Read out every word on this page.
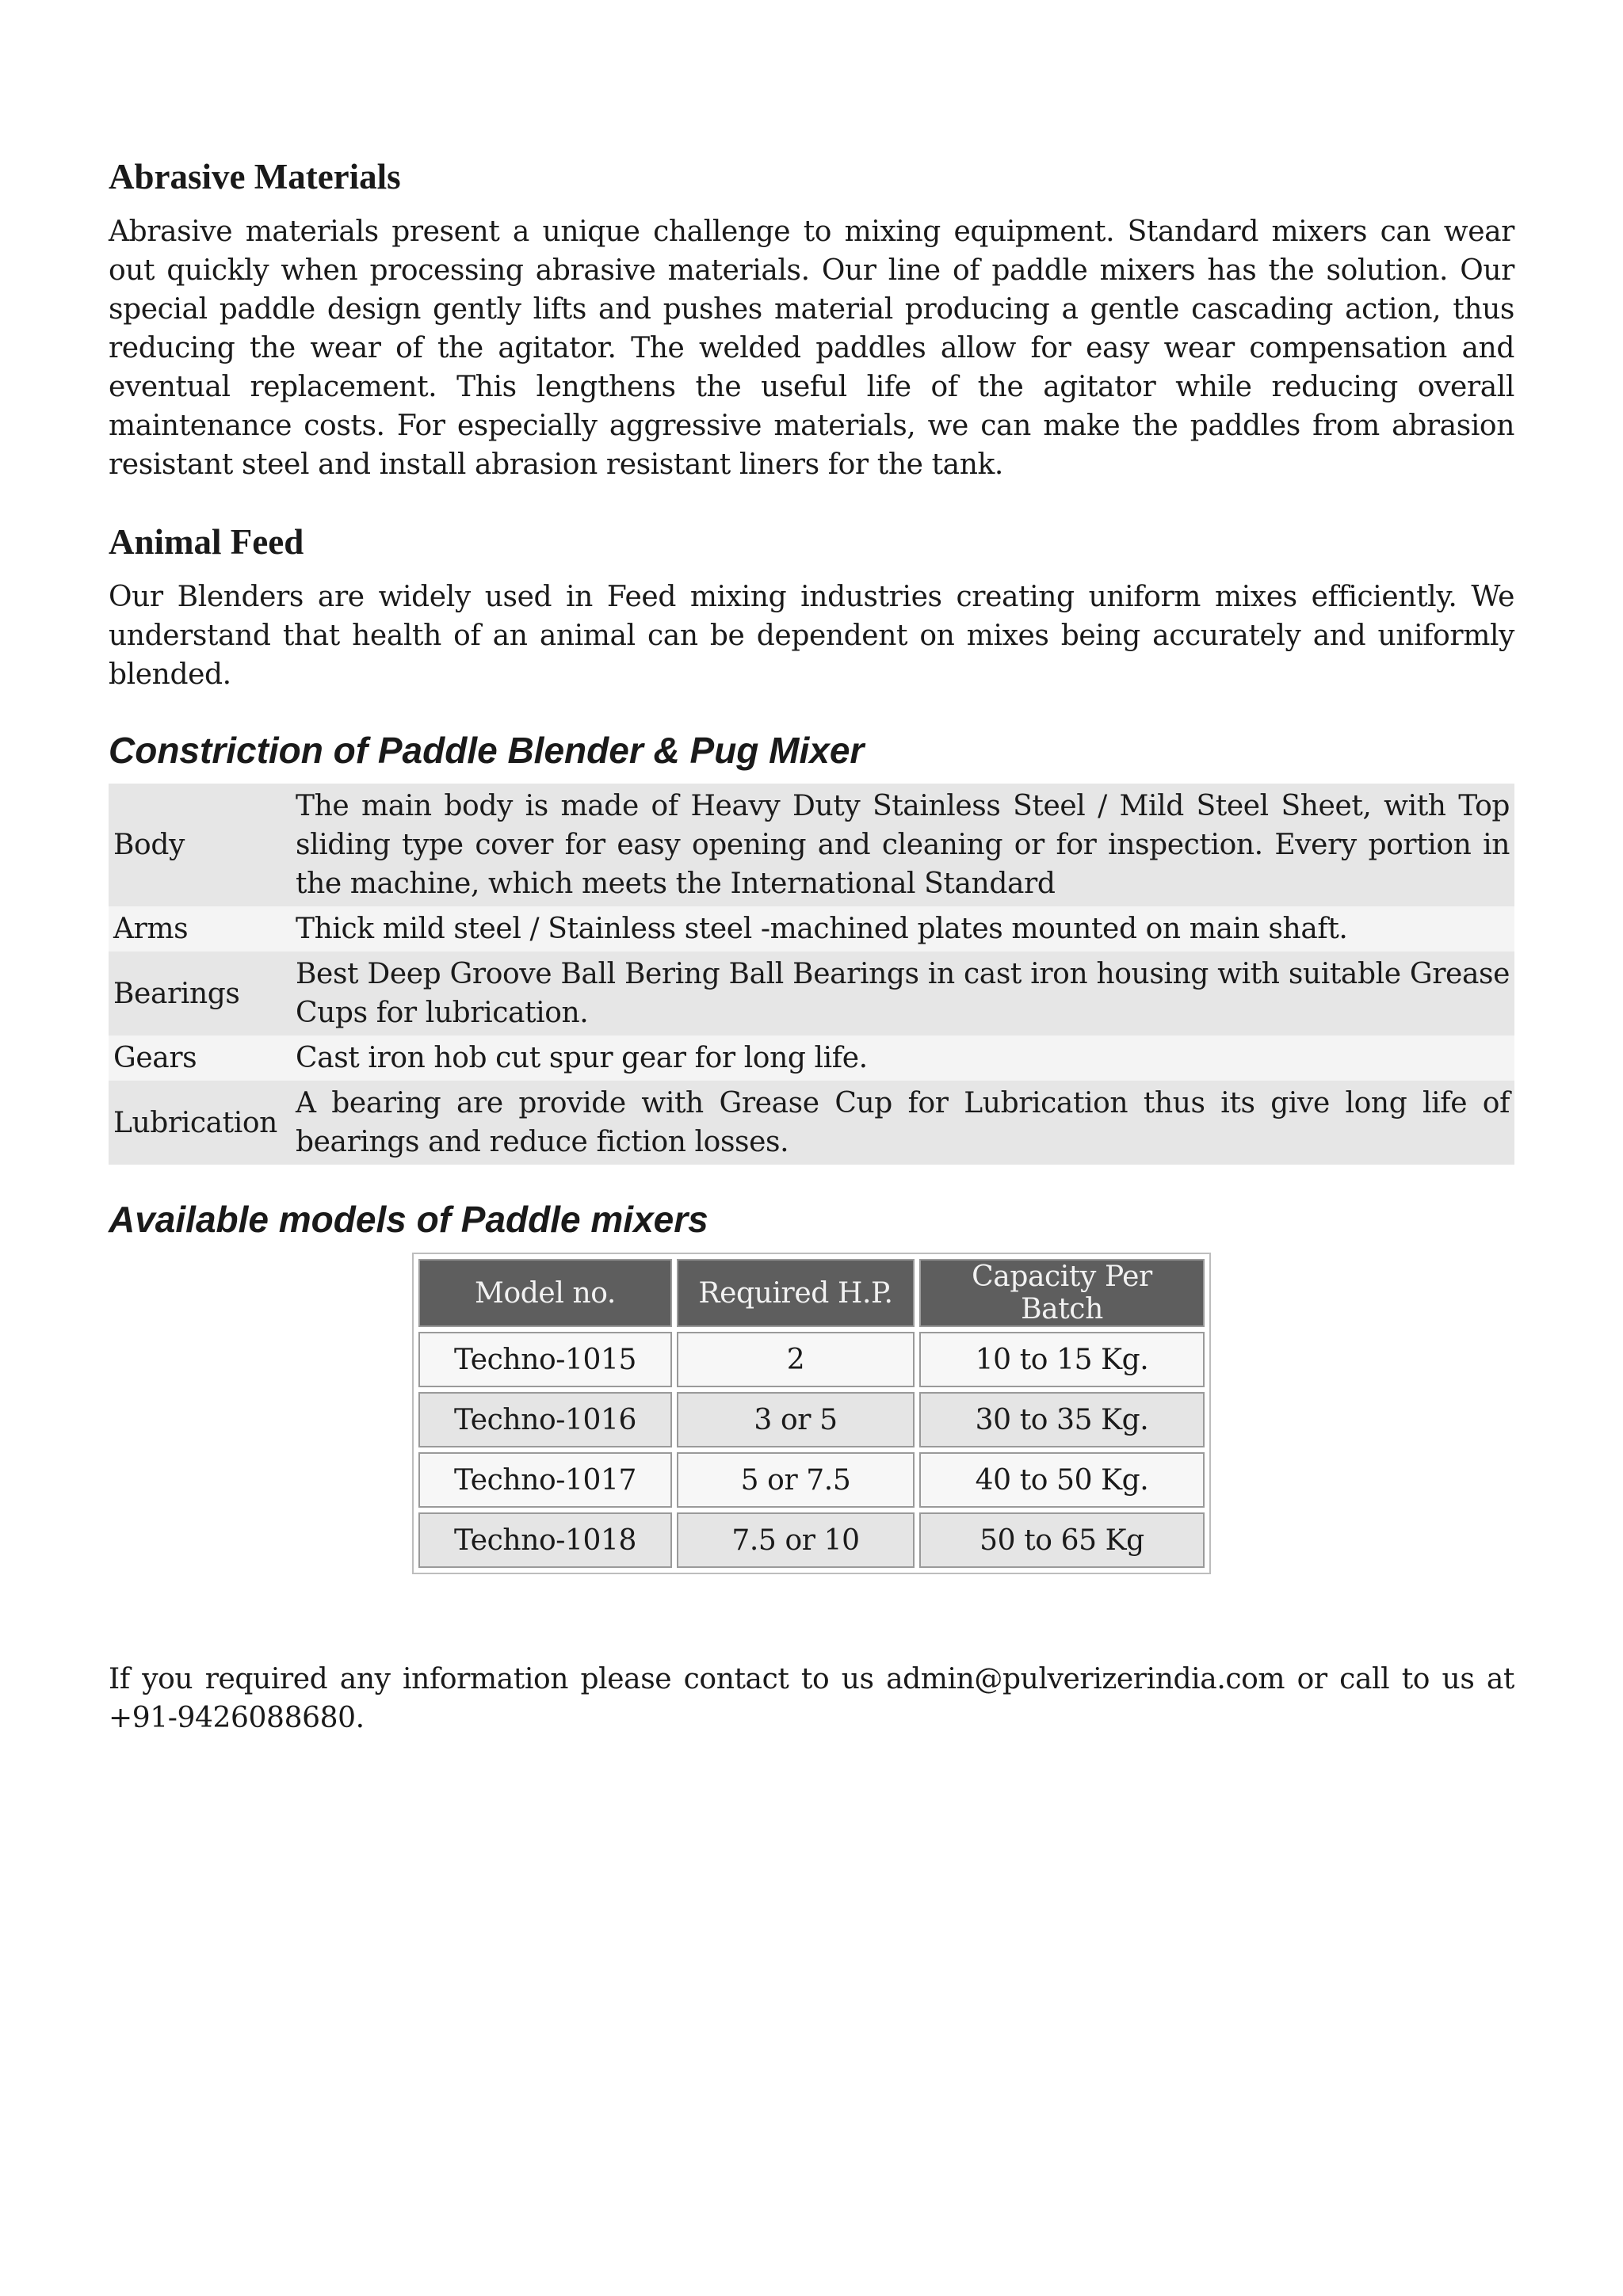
Abrasive Materials

Abrasive materials present a unique challenge to mixing equipment. Standard mixers can wear out quickly when processing abrasive materials. Our line of paddle mixers has the solution. Our special paddle design gently lifts and pushes material producing a gentle cascading action, thus reducing the wear of the agitator. The welded paddles allow for easy wear compensation and eventual replacement. This lengthens the useful life of the agitator while reducing overall maintenance costs. For especially aggressive materials, we can make the paddles from abrasion resistant steel and install abrasion resistant liners for the tank.

Animal Feed

Our Blenders are widely used in Feed mixing industries creating uniform mixes efficiently. We understand that health of an animal can be dependent on mixes being accurately and uniformly blended.

Constriction of Paddle Blender & Pug Mixer
Body	The main body is made of Heavy Duty Stainless Steel / Mild Steel Sheet, with Top sliding type cover for easy opening and cleaning or for inspection. Every portion in the machine, which meets the International Standard
Arms	Thick mild steel / Stainless steel -machined plates mounted on main shaft.
Bearings	Best Deep Groove Ball Bering Ball Bearings in cast iron housing with suitable Grease Cups for lubrication.
Gears	Cast iron hob cut spur gear for long life.
Lubrication	A bearing are provide with Grease Cup for Lubrication thus its give long life of bearings and reduce fiction losses.
Available models of Paddle mixers
Model no.	Required H.P.	Capacity Per Batch
Techno-1015	2	10 to 15 Kg.
Techno-1016	3 or 5	30 to 35 Kg.
Techno-1017	5 or 7.5	40 to 50 Kg.
Techno-1018	7.5 or 10	50 to 65 Kg

If you required any information please contact to us admin@pulverizerindia.com or call to us at +91-9426088680.
